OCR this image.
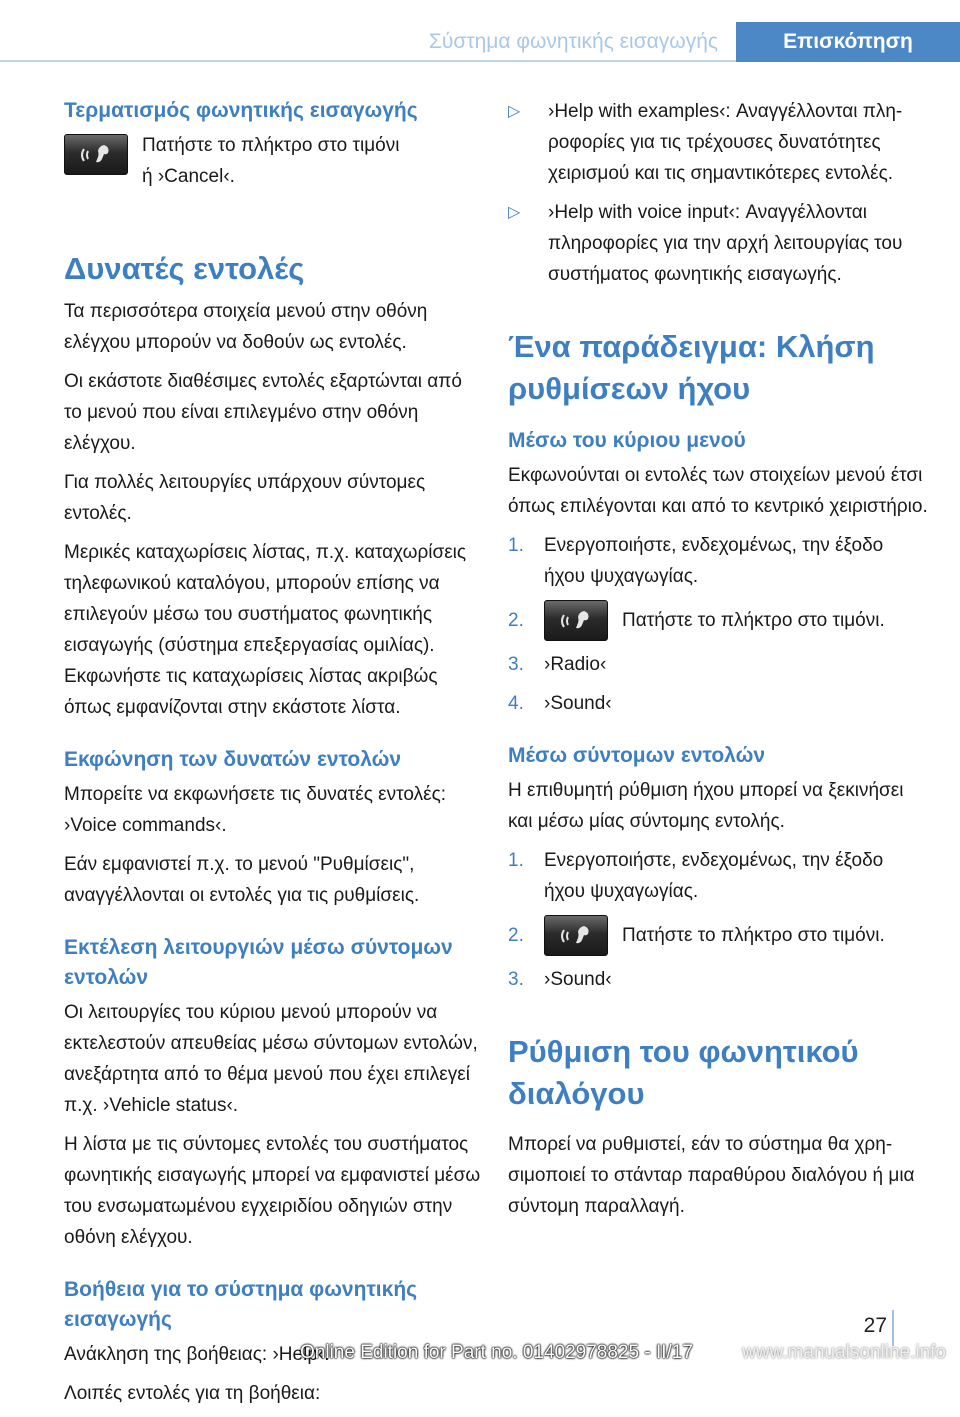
Σύστημα φωνητικής εισαγωγής	Επισκόπηση
Τερματισμός φωνητικής εισαγωγής

Πατήστε το πλήκτρο στο τιμόνι

ή ›Cancel‹.

Δυνατές εντολές

Τα περισσότερα στοιχεία μενού στην οθόνη ελέγχου μπορούν να δοθούν ως εντολές.

Οι εκάστοτε διαθέσιμες εντολές εξαρτώνται από το μενού που είναι επιλεγμένο στην οθόνη ελέγχου.

Για πολλές λειτουργίες υπάρχουν σύντομες εντολές.

Μερικές καταχωρίσεις λίστας, π.χ. καταχωρίσεις τηλεφωνικού καταλόγου, μπορούν επίσης να επιλεγούν μέσω του συστήματος φωνητικής εισαγωγής (σύστημα επεξεργασίας ομιλίας). Εκφωνήστε τις καταχωρίσεις λίστας ακριβώς όπως εμφανίζονται στην εκάστοτε λίστα.

Εκφώνηση των δυνατών εντολών

Μπορείτε να εκφωνήσετε τις δυνατές εντολές: ›Voice commands‹.

Εάν εμφανιστεί π.χ. το μενού "Ρυθμίσεις", αναγγέλλονται οι εντολές για τις ρυθμίσεις.

Εκτέλεση λειτουργιών μέσω σύντομων εντολών

Οι λειτουργίες του κύριου μενού μπορούν να εκτελεστούν απευθείας μέσω σύντομων εντολών, ανεξάρτητα από το θέμα μενού που έχει επιλεγεί π.χ. ›Vehicle status‹.

Η λίστα με τις σύντομες εντολές του συστήματος φωνητικής εισαγωγής μπορεί να εμφανιστεί μέσω του ενσωματωμένου εγχειριδίου οδηγιών στην οθόνη ελέγχου.

Βοήθεια για το σύστημα φωνητικής εισαγωγής

Ανάκληση της βοήθειας: ›Help‹.

Λοιπές εντολές για τη βοήθεια:

▷	›Help with examples‹: Αναγγέλλονται πληροφορίες για τις τρέχουσες δυνατότητες χειρισμού και τις σημαντικότερες εντολές.
▷	›Help with voice input‹: Αναγγέλλονται πληροφορίες για την αρχή λειτουργίας του συστήματος φωνητικής εισαγωγής.
Ένα παράδειγμα: Κλήση ρυθμίσεων ήχου
Μέσω του κύριου μενού

Εκφωνούνται οι εντολές των στοιχείων μενού έτσι όπως επιλέγονται και από το κεντρικό χειριστήριο.

1.	Ενεργοποιήστε, ενδεχομένως, την έξοδο ήχου ψυχαγωγίας.
2.	Πατήστε το πλήκτρο στο τιμόνι.
3.	›Radio‹
4.	›Sound‹
Μέσω σύντομων εντολών

Η επιθυμητή ρύθμιση ήχου μπορεί να ξεκινήσει και μέσω μίας σύντομης εντολής.

1.	Ενεργοποιήστε, ενδεχομένως, την έξοδο ήχου ψυχαγωγίας.
2.	Πατήστε το πλήκτρο στο τιμόνι.
3.	›Sound‹
Ρύθμιση του φωνητικού διαλόγου

Μπορεί να ρυθμιστεί, εάν το σύστημα θα χρησιμοποιεί το στάνταρ παραθύρου διαλόγου ή μια σύντομη παραλλαγή.

27
Online Edition for Part no. 01402978825 - II/17	www.manualsonline.info
